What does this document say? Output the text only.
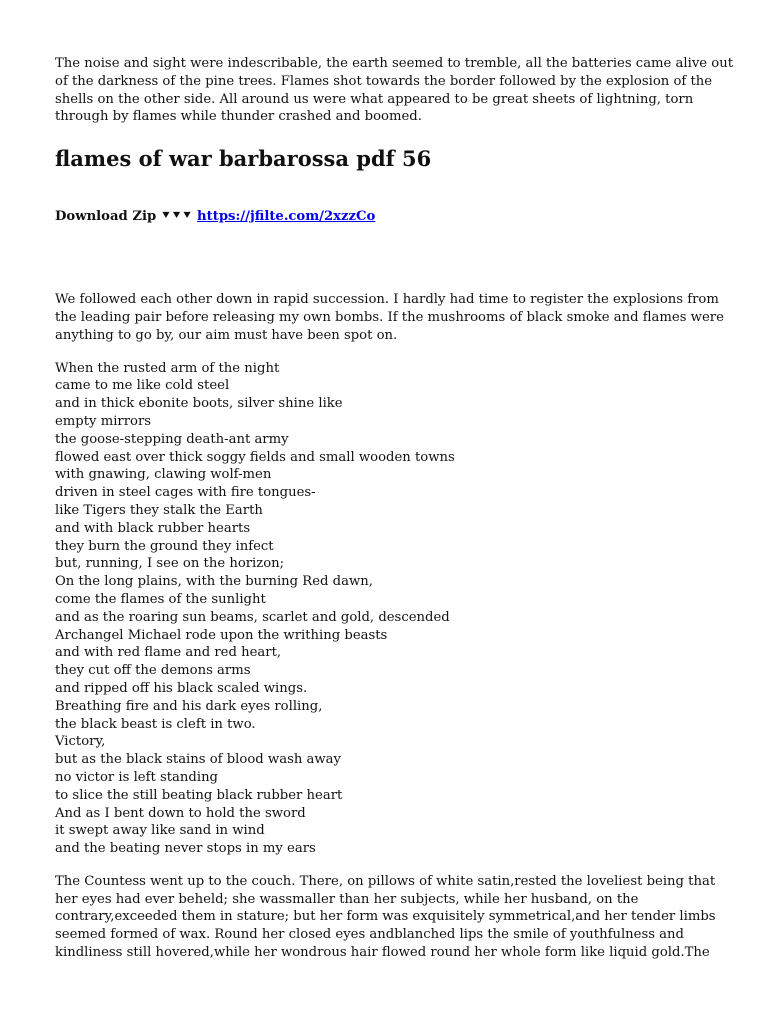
The noise and sight were indescribable, the earth seemed to tremble, all the batteries came alive out
of the darkness of the pine trees. Flames shot towards the border followed by the explosion of the
shells on the other side. All around us were what appeared to be great sheets of lightning, torn
through by flames while thunder crashed and boomed.

flames of war barbarossa pdf 56

Download Zip ⯆⯆⯆ https://jfilte.com/2xzzCo

We followed each other down in rapid succession. I hardly had time to register the explosions from
the leading pair before releasing my own bombs. If the mushrooms of black smoke and flames were
anything to go by, our aim must have been spot on.

When the rusted arm of the night
came to me like cold steel
and in thick ebonite boots, silver shine like
empty mirrors
the goose-stepping death-ant army
flowed east over thick soggy fields and small wooden towns
with gnawing, clawing wolf-men
driven in steel cages with fire tongues-
like Tigers they stalk the Earth
and with black rubber hearts
they burn the ground they infect
but, running, I see on the horizon;
On the long plains, with the burning Red dawn,
come the flames of the sunlight
and as the roaring sun beams, scarlet and gold, descended
Archangel Michael rode upon the writhing beasts
and with red flame and red heart,
they cut off the demons arms
and ripped off his black scaled wings.
Breathing fire and his dark eyes rolling,
the black beast is cleft in two.
Victory,
but as the black stains of blood wash away
no victor is left standing
to slice the still beating black rubber heart
And as I bent down to hold the sword
it swept away like sand in wind
and the beating never stops in my ears

The Countess went up to the couch. There, on pillows of white satin,rested the loveliest being that
her eyes had ever beheld; she wassmaller than her subjects, while her husband, on the
contrary,exceeded them in stature; but her form was exquisitely symmetrical,and her tender limbs
seemed formed of wax. Round her closed eyes andblanched lips the smile of youthfulness and
kindliness still hovered,while her wondrous hair flowed round her whole form like liquid gold.The
